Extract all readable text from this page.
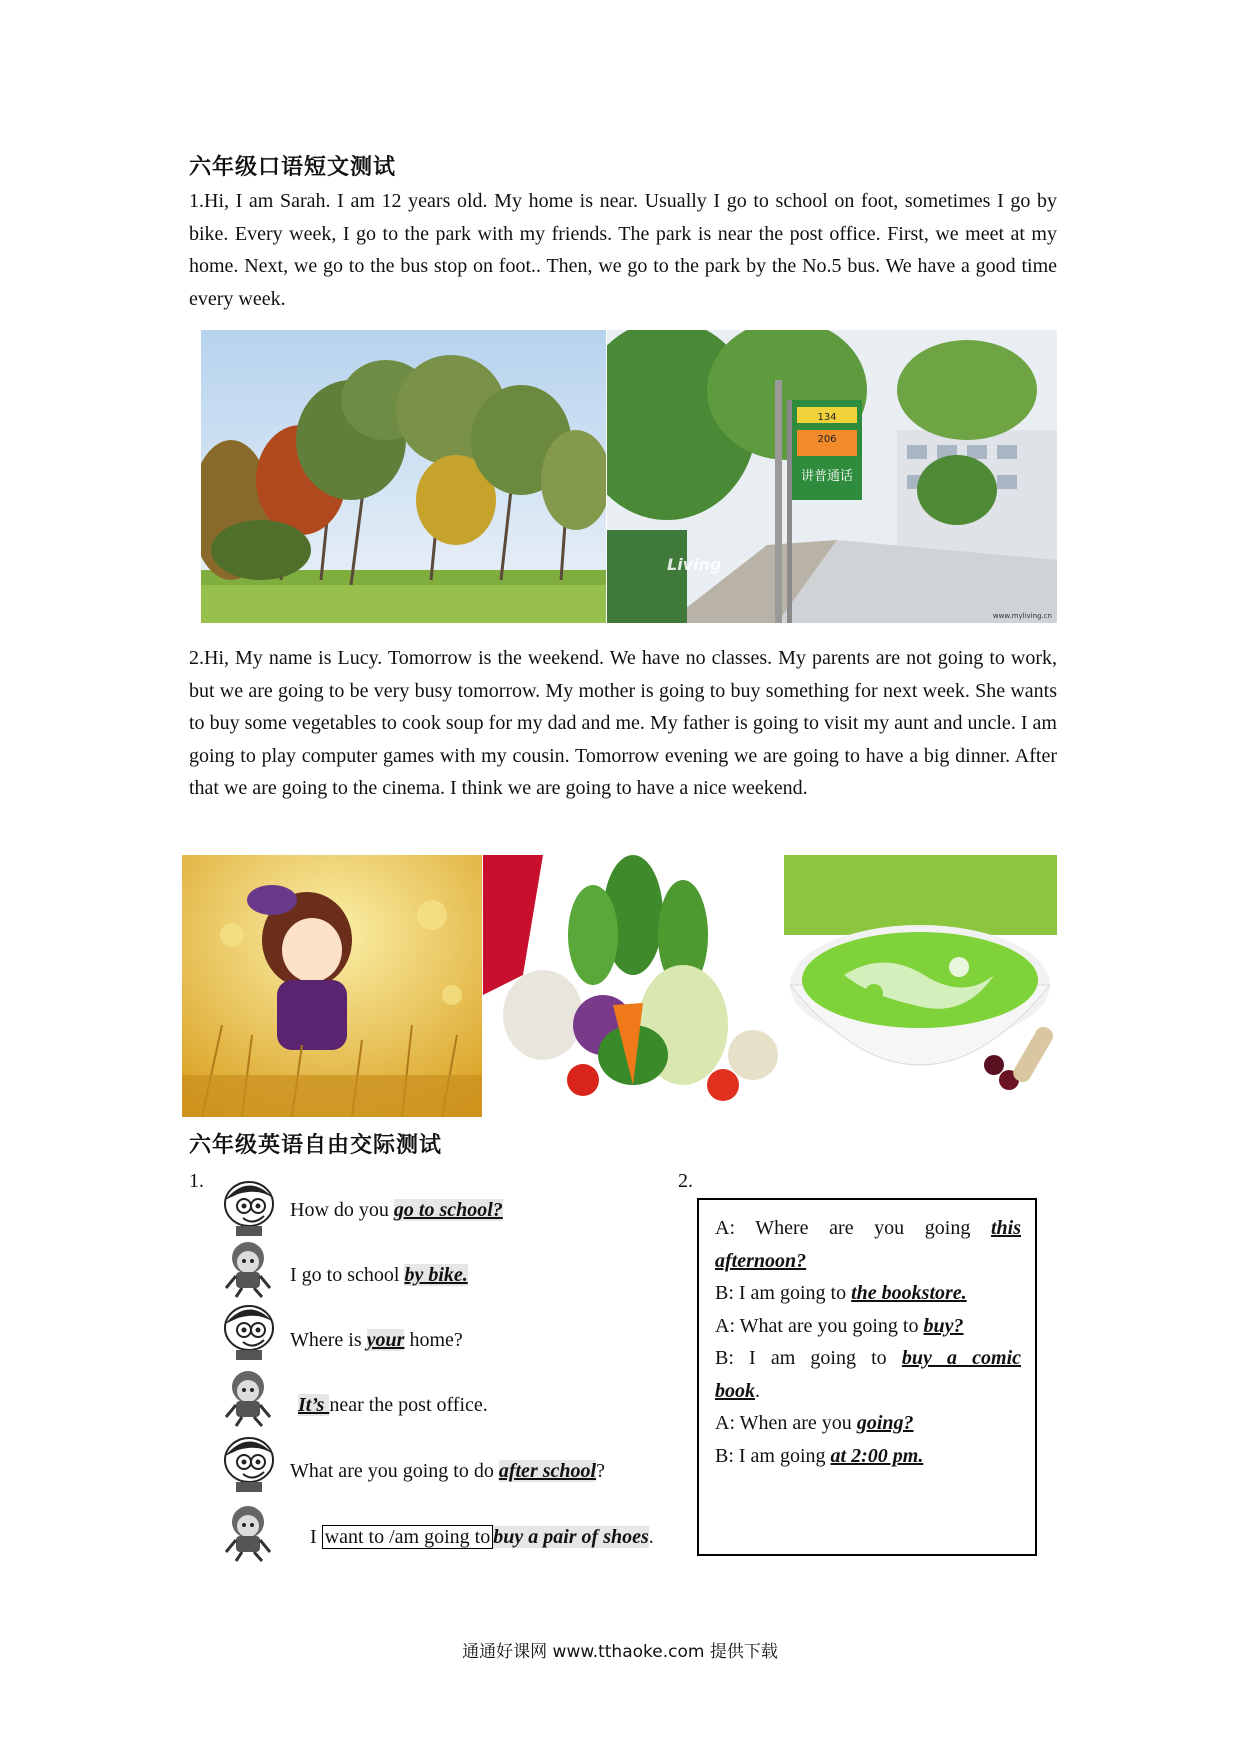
六年级口语短文测试

1.Hi, I am Sarah. I am 12 years old. My home is near. Usually I go to school on foot, sometimes I go by bike. Every week, I go to the park with my friends. The park is near the post office. First, we meet at my home. Next, we go to the bus stop on foot.. Then, we go to the park by the No.5 bus. We have a good time every week.

134
206
讲普通话
Living
www.myliving.cn

2.Hi, My name is Lucy. Tomorrow is the weekend. We have no classes. My parents are not going to work, but we are going to be very busy tomorrow. My mother is going to buy something for next week. She wants to buy some vegetables to cook soup for my dad and me. My father is going to visit my aunt and uncle. I am going to play computer games with my cousin. Tomorrow evening we are going to have a big dinner. After that we are going to the cinema. I think we are going to have a nice weekend.

六年级英语自由交际测试
1.
How do you go to school?
I go to school by bike.
Where is your home?
It’s near the post office.
What are you going to do after school?
I want to /am going to buy a pair of shoes.
2.
A: Where are you going this
afternoon?
B: I am going to the bookstore.
A: What are you going to buy?
B: I am going to buy a comic
book.
A: When are you going?
B: I am going at 2:00 pm.
通通好课网 www.tthaoke.com 提供下载
